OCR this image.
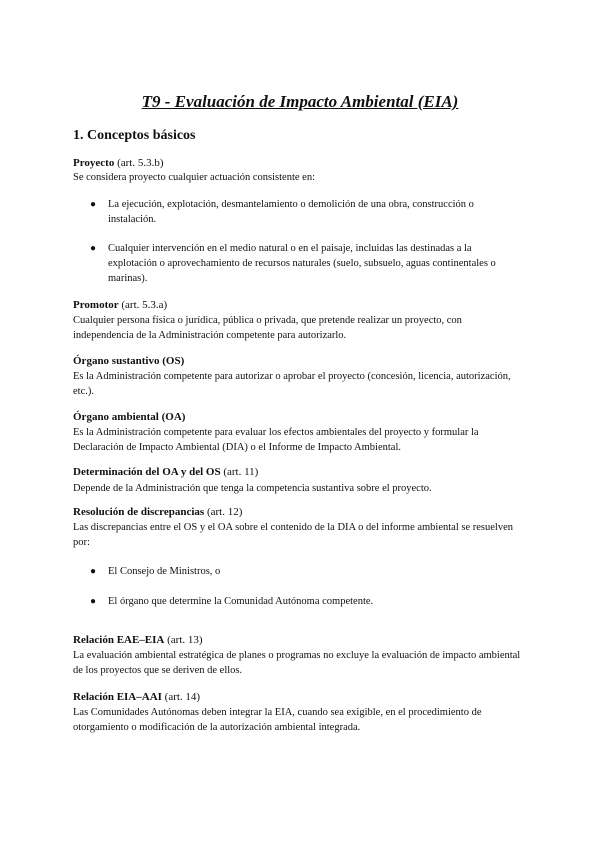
T9 - Evaluación de Impacto Ambiental (EIA)
1. Conceptos básicos
Proyecto (art. 5.3.b)
Se considera proyecto cualquier actuación consistente en:
● La ejecución, explotación, desmantelamiento o demolición de una obra, construcción o instalación.
● Cualquier intervención en el medio natural o en el paisaje, incluidas las destinadas a la explotación o aprovechamiento de recursos naturales (suelo, subsuelo, aguas continentales o marinas).
Promotor (art. 5.3.a)
Cualquier persona física o jurídica, pública o privada, que pretende realizar un proyecto, con independencia de la Administración competente para autorizarlo.
Órgano sustantivo (OS)
Es la Administración competente para autorizar o aprobar el proyecto (concesión, licencia, autorización, etc.).
Órgano ambiental (OA)
Es la Administración competente para evaluar los efectos ambientales del proyecto y formular la Declaración de Impacto Ambiental (DIA) o el Informe de Impacto Ambiental.
Determinación del OA y del OS (art. 11)
Depende de la Administración que tenga la competencia sustantiva sobre el proyecto.
Resolución de discrepancias (art. 12)
Las discrepancias entre el OS y el OA sobre el contenido de la DIA o del informe ambiental se resuelven por:
● El Consejo de Ministros, o
● El órgano que determine la Comunidad Autónoma competente.
Relación EAE–EIA (art. 13)
La evaluación ambiental estratégica de planes o programas no excluye la evaluación de impacto ambiental de los proyectos que se deriven de ellos.
Relación EIA–AAI (art. 14)
Las Comunidades Autónomas deben integrar la EIA, cuando sea exigible, en el procedimiento de otorgamiento o modificación de la autorización ambiental integrada.
